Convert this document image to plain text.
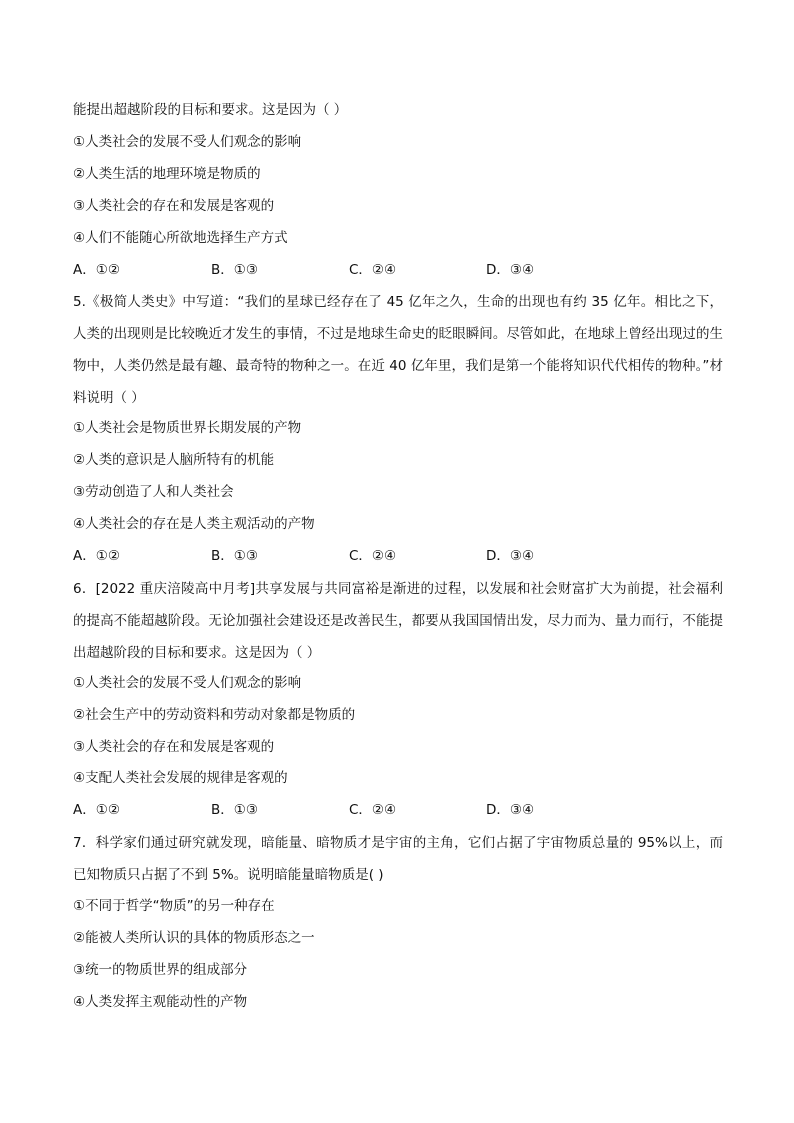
能提出超越阶段的目标和要求。这是因为（ ）
①人类社会的发展不受人们观念的影响
②人类生活的地理环境是物质的
③人类社会的存在和发展是客观的
④人们不能随心所欲地选择生产方式
A．①②	B．①③	C．②④	D．③④
5.《极简人类史》中写道：“我们的星球已经存在了 45 亿年之久，生命的出现也有约 35 亿年。相比之下，人类的出现则是比较晚近才发生的事情，不过是地球生命史的眨眼瞬间。尽管如此，在地球上曾经出现过的生物中，人类仍然是最有趣、最奇特的物种之一。在近 40 亿年里，我们是第一个能将知识代代相传的物种。”材料说明（ ）
①人类社会是物质世界长期发展的产物
②人类的意识是人脑所特有的机能
③劳动创造了人和人类社会
④人类社会的存在是人类主观活动的产物
A．①②	B．①③	C．②④	D．③④
6．[2022 重庆涪陵高中月考]共享发展与共同富裕是渐进的过程，以发展和社会财富扩大为前提，社会福利的提高不能超越阶段。无论加强社会建设还是改善民生，都要从我国国情出发，尽力而为、量力而行，不能提出超越阶段的目标和要求。这是因为（ ）
①人类社会的发展不受人们观念的影响
②社会生产中的劳动资料和劳动对象都是物质的
③人类社会的存在和发展是客观的
④支配人类社会发展的规律是客观的
A．①②	B．①③	C．②④	D．③④
7．科学家们通过研究就发现，暗能量、暗物质才是宇宙的主角，它们占据了宇宙物质总量的 95%以上，而已知物质只占据了不到 5%。说明暗能量暗物质是( )
①不同于哲学“物质”的另一种存在
②能被人类所认识的具体的物质形态之一
③统一的物质世界的组成部分
④人类发挥主观能动性的产物
